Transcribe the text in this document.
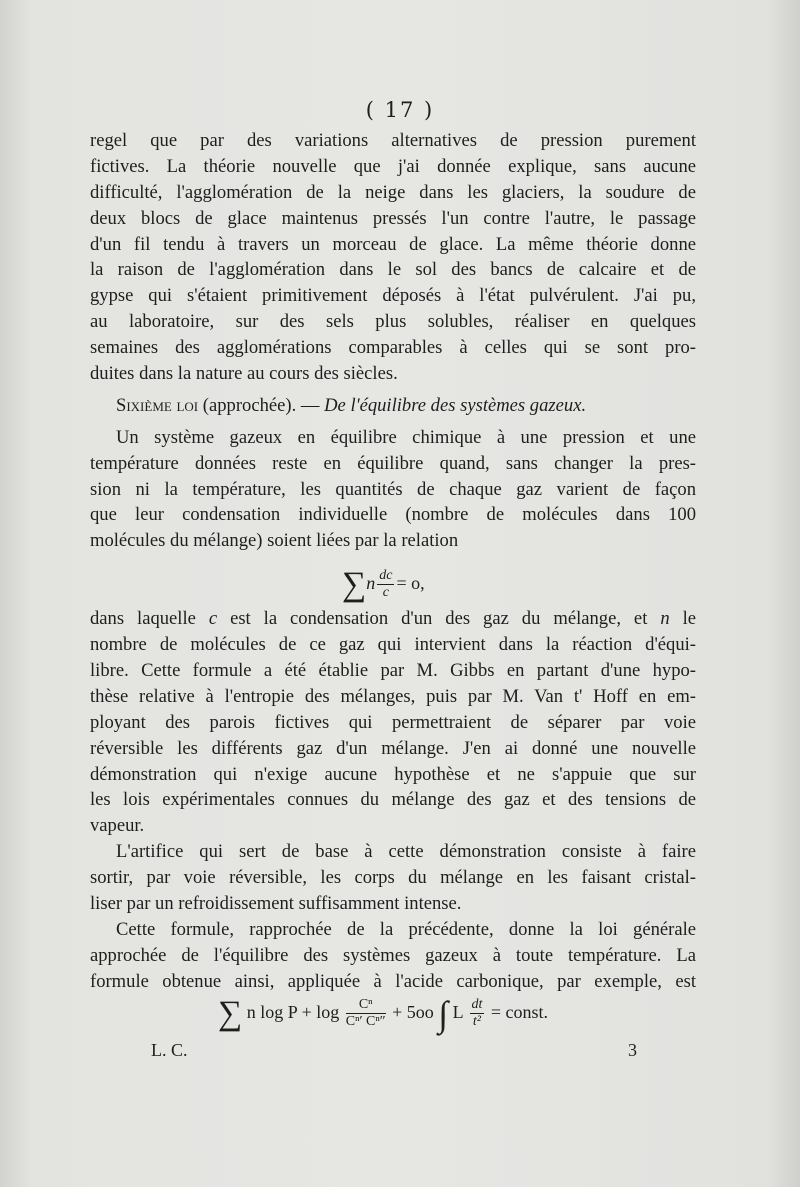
( 17 )
regel que par des variations alternatives de pression purement
fictives. La théorie nouvelle que j'ai donnée explique, sans aucune
difficulté, l'agglomération de la neige dans les glaciers, la soudure de
deux blocs de glace maintenus pressés l'un contre l'autre, le passage
d'un fil tendu à travers un morceau de glace. La même théorie donne
la raison de l'agglomération dans le sol des bancs de calcaire et de
gypse qui s'étaient primitivement déposés à l'état pulvérulent. J'ai pu,
au laboratoire, sur des sels plus solubles, réaliser en quelques
semaines des agglomérations comparables à celles qui se sont pro-
duites dans la nature au cours des siècles.
Sixième loi (approchée). — De l'équilibre des systèmes gazeux.
Un système gazeux en équilibre chimique à une pression et une
température données reste en équilibre quand, sans changer la pres-
sion ni la température, les quantités de chaque gaz varient de façon
que leur condensation individuelle (nombre de molécules dans 100
molécules du mélange) soient liées par la relation
dans laquelle c est la condensation d'un des gaz du mélange, et n le
nombre de molécules de ce gaz qui intervient dans la réaction d'équi-
libre. Cette formule a été établie par M. Gibbs en partant d'une hypo-
thèse relative à l'entropie des mélanges, puis par M. Van t' Hoff en em-
ployant des parois fictives qui permettraient de séparer par voie
réversible les différents gaz d'un mélange. J'en ai donné une nouvelle
démonstration qui n'exige aucune hypothèse et ne s'appuie que sur
les lois expérimentales connues du mélange des gaz et des tensions de
vapeur.
L'artifice qui sert de base à cette démonstration consiste à faire
sortir, par voie réversible, les corps du mélange en les faisant cristal-
liser par un refroidissement suffisamment intense.
Cette formule, rapprochée de la précédente, donne la loi générale
approchée de l'équilibre des systèmes gazeux à toute température. La
formule obtenue ainsi, appliquée à l'acide carbonique, par exemple, est
$\sum n \frac{dc}{c} = o$,
∑ n $\log P + \log \frac{\text{Cⁿ}}{\text{Cⁿ′ Cⁿ″}} + 5oo$ ∫ L $\frac{dt}{\text{t²}}$ = const.
L. C.	3
